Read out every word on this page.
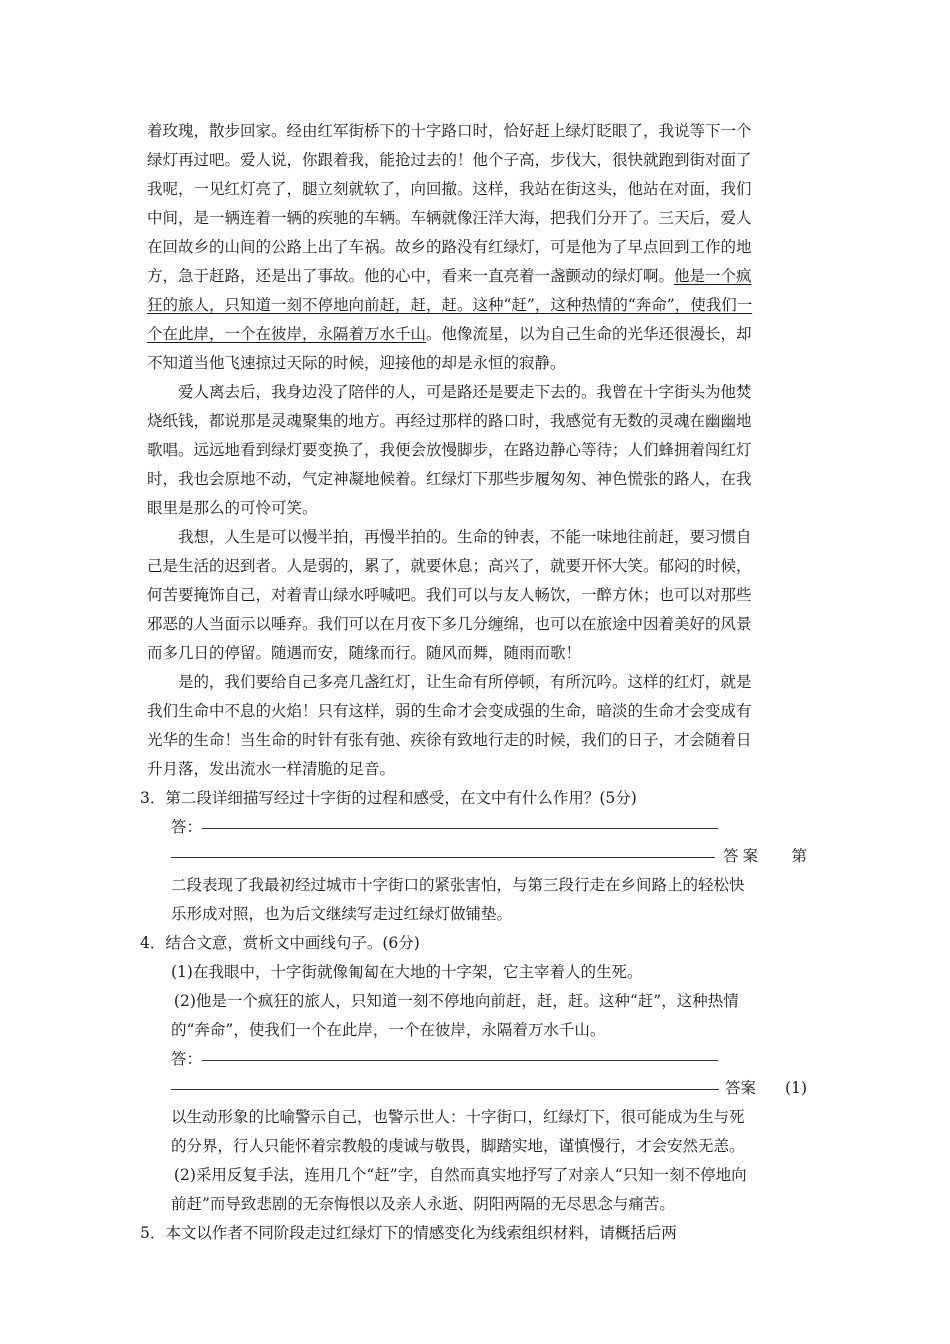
着玫瑰，散步回家。经由红军街桥下的十字路口时，恰好赶上绿灯眨眼了，我说等下一个
绿灯再过吧。爱人说，你跟着我，能抢过去的！他个子高，步伐大，很快就跑到街对面了
我呢，一见红灯亮了，腿立刻就软了，向回撤。这样，我站在街这头，他站在对面，我们
中间，是一辆连着一辆的疾驰的车辆。车辆就像汪洋大海，把我们分开了。三天后，爱人
在回故乡的山间的公路上出了车祸。故乡的路没有红绿灯，可是他为了早点回到工作的地
方，急于赶路，还是出了事故。他的心中，看来一直亮着一盏颤动的绿灯啊。他是一个疯
狂的旅人，只知道一刻不停地向前赶，赶，赶。这种“赶”，这种热情的“奔命”，使我们一
个在此岸，一个在彼岸，永隔着万水千山。他像流星，以为自己生命的光华还很漫长，却
不知道当他飞速掠过天际的时候，迎接他的却是永恒的寂静。
爱人离去后，我身边没了陪伴的人，可是路还是要走下去的。我曾在十字街头为他焚
烧纸钱，都说那是灵魂聚集的地方。再经过那样的路口时，我感觉有无数的灵魂在幽幽地
歌唱。远远地看到绿灯要变换了，我便会放慢脚步，在路边静心等待；人们蜂拥着闯红灯
时，我也会原地不动，气定神凝地候着。红绿灯下那些步履匆匆、神色慌张的路人，在我
眼里是那么的可怜可笑。
我想，人生是可以慢半拍，再慢半拍的。生命的钟表，不能一味地往前赶，要习惯自
己是生活的迟到者。人是弱的，累了，就要休息；高兴了，就要开怀大笑。郁闷的时候，
何苦要掩饰自己，对着青山绿水呼喊吧。我们可以与友人畅饮，一醉方休；也可以对那些
邪恶的人当面示以唾弃。我们可以在月夜下多几分缠绵，也可以在旅途中因着美好的风景
而多几日的停留。随遇而安，随缘而行。随风而舞，随雨而歌！
是的，我们要给自己多亮几盏红灯，让生命有所停顿，有所沉吟。这样的红灯，就是
我们生命中不息的火焰！只有这样，弱的生命才会变成强的生命，暗淡的生命才会变成有
光华的生命！当生命的时针有张有弛、疾徐有致地行走的时候，我们的日子，才会随着日
升月落，发出流水一样清脆的足音。
3．第二段详细描写经过十字街的过程和感受，在文中有什么作用？(5分)
答：
答案 第
二段表现了我最初经过城市十字街口的紧张害怕，与第三段行走在乡间路上的轻松快
乐形成对照，也为后文继续写走过红绿灯做铺垫。
4．结合文意，赏析文中画线句子。(6分)
(1)在我眼中，十字街就像匍匐在大地的十字架，它主宰着人的生死。
(2)他是一个疯狂的旅人，只知道一刻不停地向前赶，赶，赶。这种“赶”，这种热情
的“奔命”，使我们一个在此岸，一个在彼岸，永隔着万水千山。
答：
答案 (1)
以生动形象的比喻警示自己，也警示世人：十字街口，红绿灯下，很可能成为生与死
的分界，行人只能怀着宗教般的虔诚与敬畏，脚踏实地，谨慎慢行，才会安然无恙。
(2)采用反复手法，连用几个“赶”字，自然而真实地抒写了对亲人“只知一刻不停地向
前赶”而导致悲剧的无奈悔恨以及亲人永逝、阴阳两隔的无尽思念与痛苦。
5．本文以作者不同阶段走过红绿灯下的情感变化为线索组织材料，请概括后两
